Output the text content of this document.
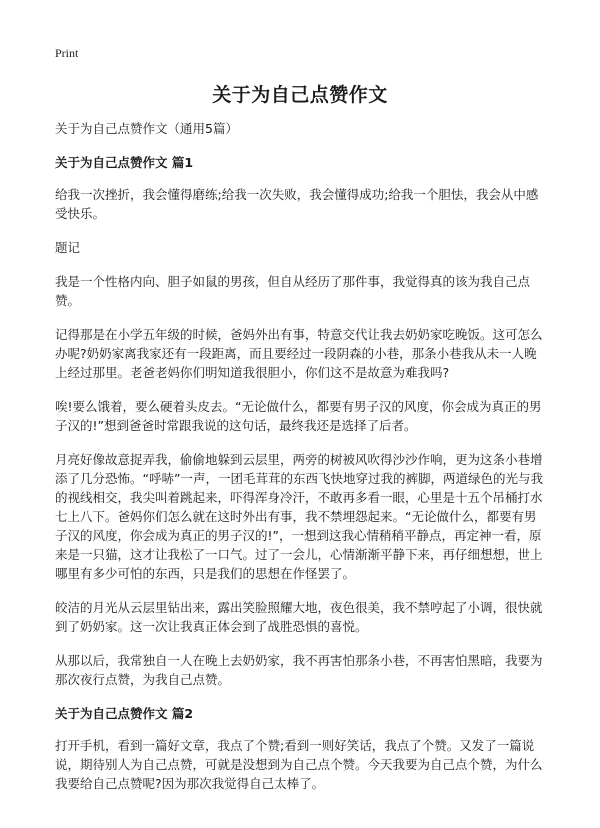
Print
关于为自己点赞作文

关于为自己点赞作文（通用5篇）

关于为自己点赞作文 篇1

给我一次挫折，我会懂得磨练;给我一次失败，我会懂得成功;给我一个胆怯，我会从中感受快乐。

题记

我是一个性格内向、胆子如鼠的男孩，但自从经历了那件事，我觉得真的该为我自己点赞。

记得那是在小学五年级的时候，爸妈外出有事，特意交代让我去奶奶家吃晚饭。这可怎么办呢?奶奶家离我家还有一段距离，而且要经过一段阴森的小巷，那条小巷我从未一人晚上经过那里。老爸老妈你们明知道我很胆小，你们这不是故意为难我吗?

唉!要么饿着，要么硬着头皮去。“无论做什么，都要有男子汉的风度，你会成为真正的男子汉的!”想到爸爸时常跟我说的这句话，最终我还是选择了后者。

月亮好像故意捉弄我，偷偷地躲到云层里，两旁的树被风吹得沙沙作响，更为这条小巷增添了几分恐怖。“呼哧”一声，一团毛茸茸的东西飞快地穿过我的裤脚，两道绿色的光与我的视线相交，我尖叫着跳起来，吓得浑身冷汗，不敢再多看一眼，心里是十五个吊桶打水七上八下。爸妈你们怎么就在这时外出有事，我不禁埋怨起来。“无论做什么，都要有男子汉的风度，你会成为真正的男子汉的!”，一想到这我心情稍稍平静点，再定神一看，原来是一只猫，这才让我松了一口气。过了一会儿，心情渐渐平静下来，再仔细想想，世上哪里有多少可怕的东西，只是我们的思想在作怪罢了。

皎洁的月光从云层里钻出来，露出笑脸照耀大地，夜色很美，我不禁哼起了小调，很快就到了奶奶家。这一次让我真正体会到了战胜恐惧的喜悦。

从那以后，我常独自一人在晚上去奶奶家，我不再害怕那条小巷，不再害怕黑暗，我要为那次夜行点赞，为我自己点赞。

关于为自己点赞作文 篇2

打开手机，看到一篇好文章，我点了个赞;看到一则好笑话，我点了个赞。又发了一篇说说，期待别人为自己点赞，可就是没想到为自己点个赞。今天我要为自己点个赞，为什么我要给自己点赞呢?因为那次我觉得自己太棒了。
